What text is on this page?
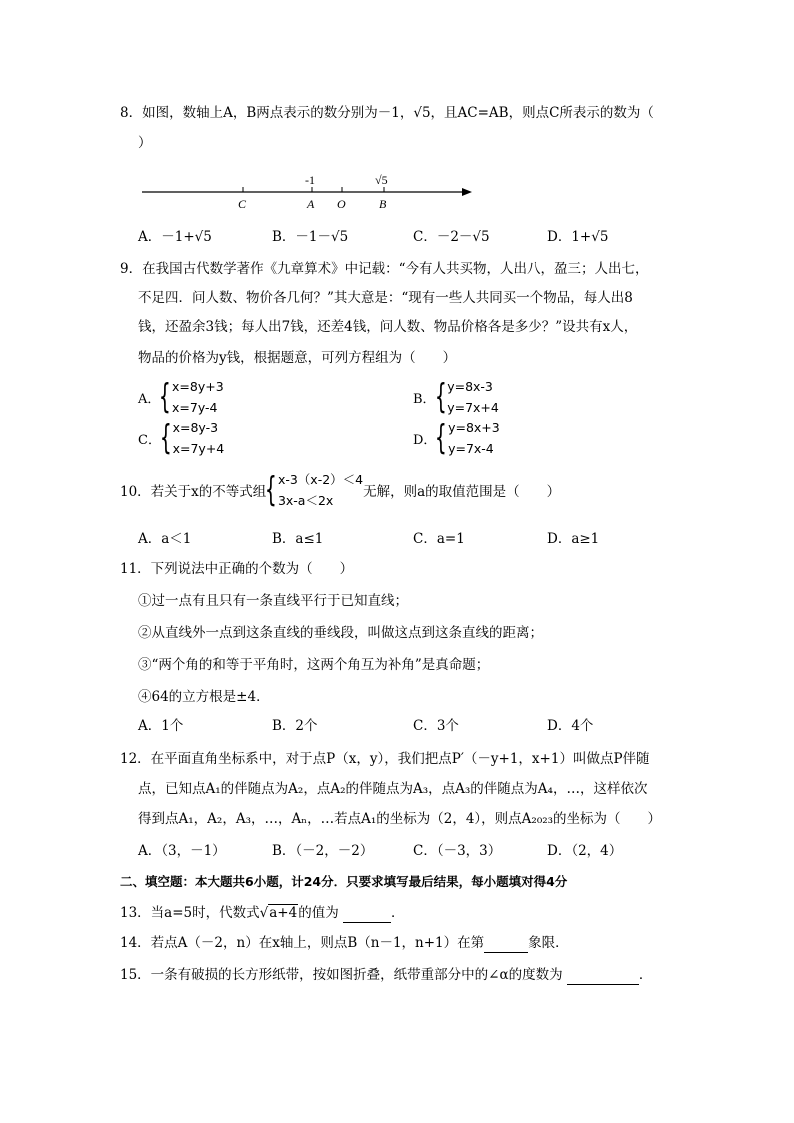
8．如图，数轴上A，B两点表示的数分别为－1，√5，且AC=AB，则点C所表示的数为（
）
-1	√5
C	A O	B
A．－1+√5	B．－1－√5	C．－2－√5	D．1+√5
9．在我国古代数学著作《九章算术》中记载：“今有人共买物，人出八，盈三；人出七，
不足四．问人数、物价各几何？”其大意是：“现有一些人共同买一个物品，每人出8
钱，还盈余3钱；每人出7钱，还差4钱，问人数、物品价格各是多少？”设共有x人，
物品的价格为y钱，根据题意，可列方程组为（　　）
A．
{ x=8y+3
x=7y-4
B．
{ y=8x-3
y=7x+4
C．
{ x=8y-3
x=7y+4
D．
{ y=8x+3
y=7x-4
10．若关于x的不等式组
{ x-3（x-2）＜4
3x-a＜2x
无解，则a的取值范围是（　　）
A．a＜1	B．a≤1	C．a=1	D．a≥1
11．下列说法中正确的个数为（　　）
①过一点有且只有一条直线平行于已知直线；
②从直线外一点到这条直线的垂线段，叫做这点到这条直线的距离；
③“两个角的和等于平角时，这两个角互为补角”是真命题；
④64的立方根是±4．
A．1个	B．2个	C．3个	D．4个
12．在平面直角坐标系中，对于点P（x，y），我们把点P′（－y+1，x+1）叫做点P伴随
点，已知点A₁的伴随点为A₂，点A₂的伴随点为A₃，点A₃的伴随点为A₄，…，这样依次
得到点A₁，A₂，A₃，…，Aₙ，…若点A₁的坐标为（2，4），则点A₂₀₂₃的坐标为（　　）
A．（3，－1）	B．（－2，－2）	C．（－3，3）	D．（2，4）
二、填空题：本大题共6小题，计24分．只要求填写最后结果，每小题填对得4分
13．当a=5时，代数式√a+4的值为	．
14．若点A（－2，n）在x轴上，则点B（n－1，n+1）在第	象限．
15．一条有破损的长方形纸带，按如图折叠，纸带重部分中的∠α的度数为	．
